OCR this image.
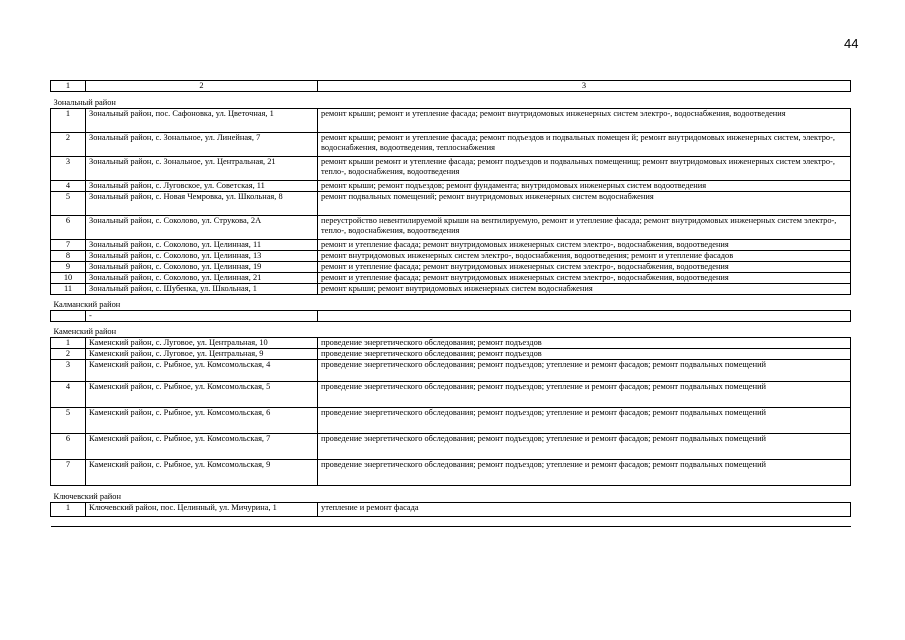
44
1	2	3
Зональный район		
1	Зональный район, пос. Сафоновка, ул. Цветочная, 1	ремонт крыши; ремонт и утепление фасада; ремонт внутридомовых инженерных систем электро-, водоснабжения, водоотведения
2	Зональный район, с. Зональное, ул. Линейная, 7	ремонт крыши; ремонт и утепление фасада; ремонт подъездов и подвальных помещен й; ремонт внутридомовых инженерных систем, электро-, водоснабжения, водоотведения, теплоснабжения
3	Зональный район, с. Зональное, ул. Центральная, 21	ремонт крыши ремонт и утепление фасада; ремонт подъездов и подвальных помещенищ; ремонт внутридомовых инженерных систем электро-, тепло-, водоснабжения, водоотведения
4	Зональный район, с. Луговское, ул. Советская, 11	ремонт крыши; ремонт подъездов; ремонт фундамента; внутридомовых инженерных систем водоотведения
5	Зональный район, с. Новая Чемровка, ул. Школьная, 8	ремонт подвальных помещений; ремонт внутридомовых инженерных систем водоснабжения
6	Зональный район, с. Соколово, ул. Струкова, 2А	переустройство невентилируемой крыши на вентилируемую, ремонт и утепление фасада; ремонт внутридомовых инженерных систем электро-, тепло-, водоснабжения, водоотведения
7	Зональный район, с. Соколово, ул. Целинная, 11	ремонт и утепление фасада; ремонт внутридомовых инженерных систем электро-, водоснабжения, водоотведения
8	Зональный район, с. Соколово, ул. Целинная, 13	ремонт внутридомовых инженерных систем электро-, водоснабжения, водоотведения; ремонт и утепление фасадов
9	Зональный район, с. Соколово, ул. Целинная, 19	ремонт и утепление фасада; ремонт внутридомовых инженерных систем электро-, водоснабжения, водоотведения
10	Зональный район, с. Соколово, ул. Целинная, 21	ремонт и утепление фасада; ремонт внутридомовых инженерных систем электро-, водоснабжения, водоотведения
11	Зональный район, с. Шубенка, ул. Школьная, 1	ремонт крыши; ремонт внутридомовых инженерных систем водоснабжения
Калманский район		
	-	
Каменский район		
1	Каменский район, с. Луговое, ул. Центральная, 10	проведение энергетического обследования; ремонт подъездов
2	Каменский район, с. Луговое, ул. Центральная, 9	проведение энергетического обследования; ремонт подъездов
3	Каменский район, с. Рыбное, ул. Комсомольская, 4	проведение энергетического обследования; ремонт подъездов; утепление и ремонт фасадов; ремонт подвальных помещений
4	Каменский район, с. Рыбное, ул. Комсомольская, 5	проведение энергетического обследования; ремонт подъездов; утепление и ремонт фасадов; ремонт подвальных помещений
5	Каменский район, с. Рыбное, ул. Комсомольская, 6	проведение энергетического обследования; ремонт подъездов; утепление и ремонт фасадов; ремонт подвальных помещений
6	Каменский район, с. Рыбное, ул. Комсомольская, 7	проведение энергетического обследования; ремонт подъездов; утепление и ремонт фасадов; ремонт подвальных помещений
7	Каменский район, с. Рыбное, ул. Комсомольская, 9	проведение энергетического обследования; ремонт подъездов; утепление и ремонт фасадов; ремонт подвальных помещений
Ключевский район		
1	Ключевский район, пос. Целинный, ул. Мичурина, 1	утепление и ремонт фасада
